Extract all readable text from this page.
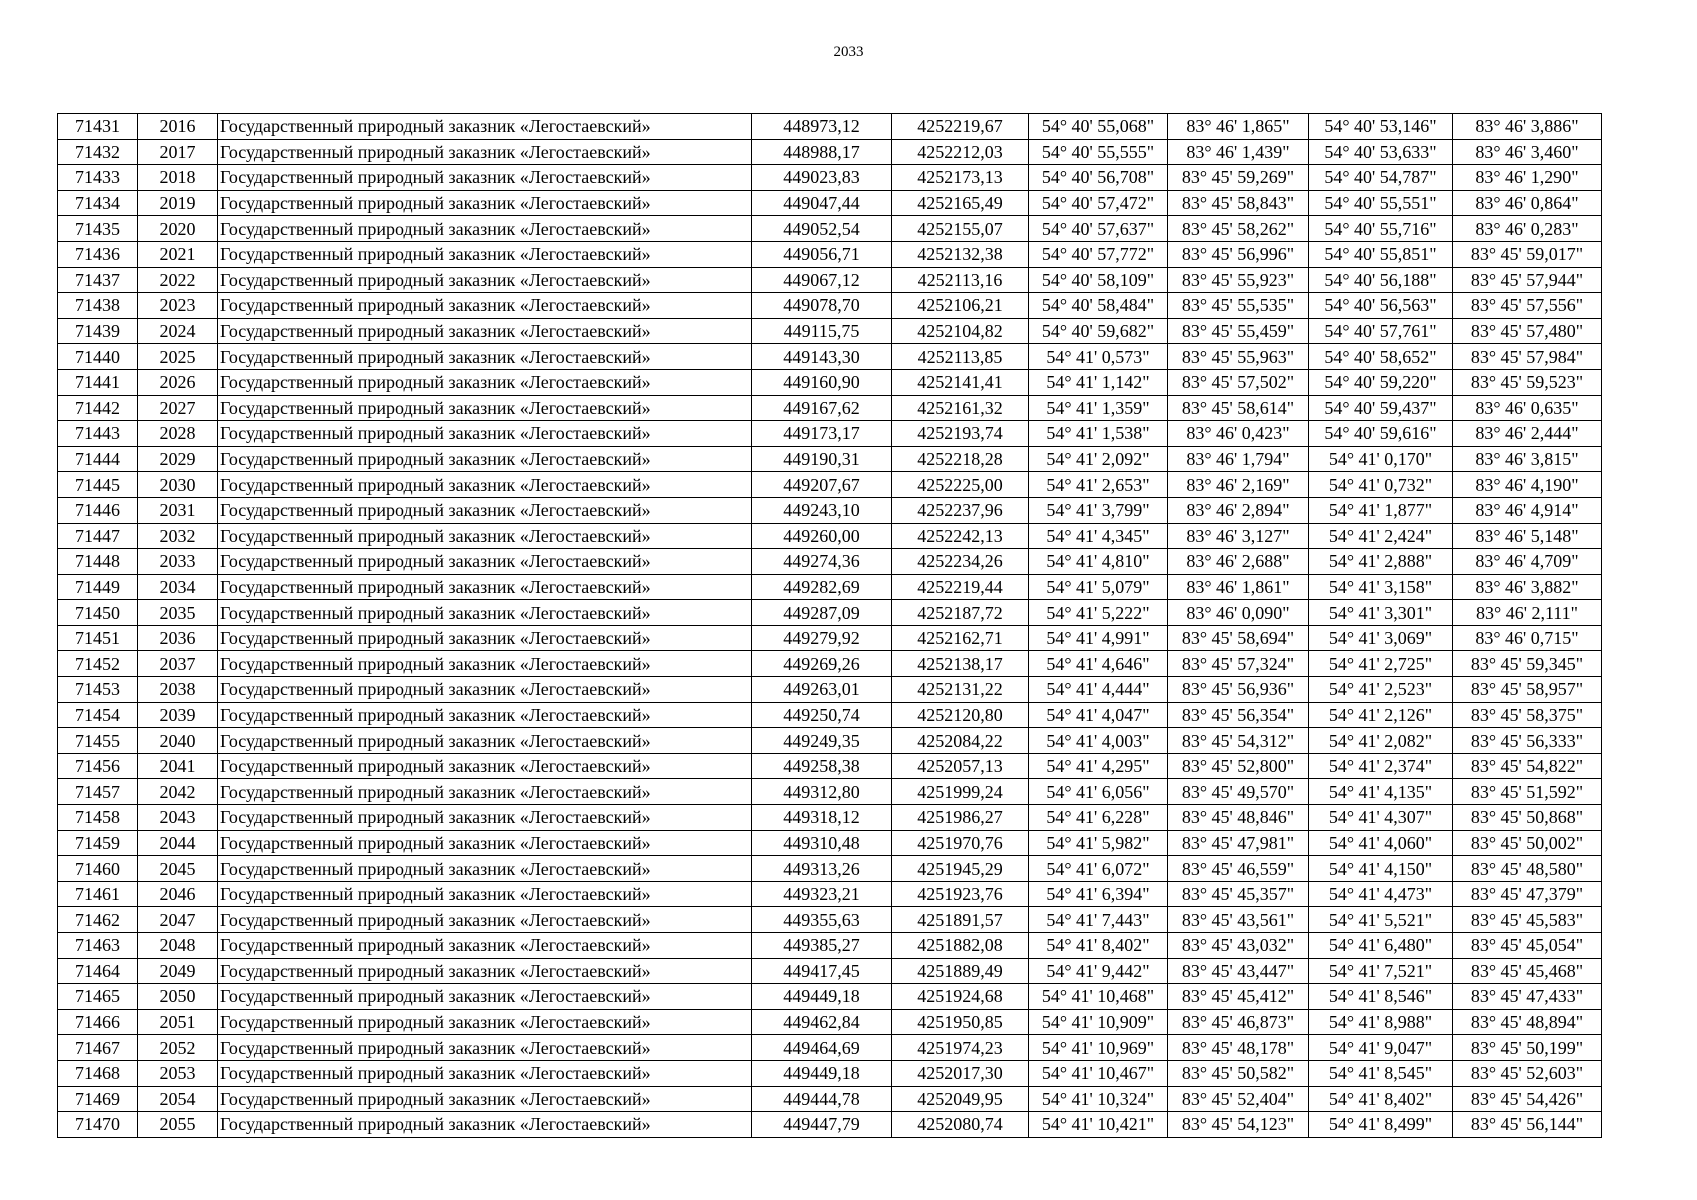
2033
71431	2016	Государственный природный заказник «Легостаевский»	448973,12	4252219,67	54° 40' 55,068"	83° 46' 1,865"	54° 40' 53,146"	83° 46' 3,886"
71432	2017	Государственный природный заказник «Легостаевский»	448988,17	4252212,03	54° 40' 55,555"	83° 46' 1,439"	54° 40' 53,633"	83° 46' 3,460"
71433	2018	Государственный природный заказник «Легостаевский»	449023,83	4252173,13	54° 40' 56,708"	83° 45' 59,269"	54° 40' 54,787"	83° 46' 1,290"
71434	2019	Государственный природный заказник «Легостаевский»	449047,44	4252165,49	54° 40' 57,472"	83° 45' 58,843"	54° 40' 55,551"	83° 46' 0,864"
71435	2020	Государственный природный заказник «Легостаевский»	449052,54	4252155,07	54° 40' 57,637"	83° 45' 58,262"	54° 40' 55,716"	83° 46' 0,283"
71436	2021	Государственный природный заказник «Легостаевский»	449056,71	4252132,38	54° 40' 57,772"	83° 45' 56,996"	54° 40' 55,851"	83° 45' 59,017"
71437	2022	Государственный природный заказник «Легостаевский»	449067,12	4252113,16	54° 40' 58,109"	83° 45' 55,923"	54° 40' 56,188"	83° 45' 57,944"
71438	2023	Государственный природный заказник «Легостаевский»	449078,70	4252106,21	54° 40' 58,484"	83° 45' 55,535"	54° 40' 56,563"	83° 45' 57,556"
71439	2024	Государственный природный заказник «Легостаевский»	449115,75	4252104,82	54° 40' 59,682"	83° 45' 55,459"	54° 40' 57,761"	83° 45' 57,480"
71440	2025	Государственный природный заказник «Легостаевский»	449143,30	4252113,85	54° 41' 0,573"	83° 45' 55,963"	54° 40' 58,652"	83° 45' 57,984"
71441	2026	Государственный природный заказник «Легостаевский»	449160,90	4252141,41	54° 41' 1,142"	83° 45' 57,502"	54° 40' 59,220"	83° 45' 59,523"
71442	2027	Государственный природный заказник «Легостаевский»	449167,62	4252161,32	54° 41' 1,359"	83° 45' 58,614"	54° 40' 59,437"	83° 46' 0,635"
71443	2028	Государственный природный заказник «Легостаевский»	449173,17	4252193,74	54° 41' 1,538"	83° 46' 0,423"	54° 40' 59,616"	83° 46' 2,444"
71444	2029	Государственный природный заказник «Легостаевский»	449190,31	4252218,28	54° 41' 2,092"	83° 46' 1,794"	54° 41' 0,170"	83° 46' 3,815"
71445	2030	Государственный природный заказник «Легостаевский»	449207,67	4252225,00	54° 41' 2,653"	83° 46' 2,169"	54° 41' 0,732"	83° 46' 4,190"
71446	2031	Государственный природный заказник «Легостаевский»	449243,10	4252237,96	54° 41' 3,799"	83° 46' 2,894"	54° 41' 1,877"	83° 46' 4,914"
71447	2032	Государственный природный заказник «Легостаевский»	449260,00	4252242,13	54° 41' 4,345"	83° 46' 3,127"	54° 41' 2,424"	83° 46' 5,148"
71448	2033	Государственный природный заказник «Легостаевский»	449274,36	4252234,26	54° 41' 4,810"	83° 46' 2,688"	54° 41' 2,888"	83° 46' 4,709"
71449	2034	Государственный природный заказник «Легостаевский»	449282,69	4252219,44	54° 41' 5,079"	83° 46' 1,861"	54° 41' 3,158"	83° 46' 3,882"
71450	2035	Государственный природный заказник «Легостаевский»	449287,09	4252187,72	54° 41' 5,222"	83° 46' 0,090"	54° 41' 3,301"	83° 46' 2,111"
71451	2036	Государственный природный заказник «Легостаевский»	449279,92	4252162,71	54° 41' 4,991"	83° 45' 58,694"	54° 41' 3,069"	83° 46' 0,715"
71452	2037	Государственный природный заказник «Легостаевский»	449269,26	4252138,17	54° 41' 4,646"	83° 45' 57,324"	54° 41' 2,725"	83° 45' 59,345"
71453	2038	Государственный природный заказник «Легостаевский»	449263,01	4252131,22	54° 41' 4,444"	83° 45' 56,936"	54° 41' 2,523"	83° 45' 58,957"
71454	2039	Государственный природный заказник «Легостаевский»	449250,74	4252120,80	54° 41' 4,047"	83° 45' 56,354"	54° 41' 2,126"	83° 45' 58,375"
71455	2040	Государственный природный заказник «Легостаевский»	449249,35	4252084,22	54° 41' 4,003"	83° 45' 54,312"	54° 41' 2,082"	83° 45' 56,333"
71456	2041	Государственный природный заказник «Легостаевский»	449258,38	4252057,13	54° 41' 4,295"	83° 45' 52,800"	54° 41' 2,374"	83° 45' 54,822"
71457	2042	Государственный природный заказник «Легостаевский»	449312,80	4251999,24	54° 41' 6,056"	83° 45' 49,570"	54° 41' 4,135"	83° 45' 51,592"
71458	2043	Государственный природный заказник «Легостаевский»	449318,12	4251986,27	54° 41' 6,228"	83° 45' 48,846"	54° 41' 4,307"	83° 45' 50,868"
71459	2044	Государственный природный заказник «Легостаевский»	449310,48	4251970,76	54° 41' 5,982"	83° 45' 47,981"	54° 41' 4,060"	83° 45' 50,002"
71460	2045	Государственный природный заказник «Легостаевский»	449313,26	4251945,29	54° 41' 6,072"	83° 45' 46,559"	54° 41' 4,150"	83° 45' 48,580"
71461	2046	Государственный природный заказник «Легостаевский»	449323,21	4251923,76	54° 41' 6,394"	83° 45' 45,357"	54° 41' 4,473"	83° 45' 47,379"
71462	2047	Государственный природный заказник «Легостаевский»	449355,63	4251891,57	54° 41' 7,443"	83° 45' 43,561"	54° 41' 5,521"	83° 45' 45,583"
71463	2048	Государственный природный заказник «Легостаевский»	449385,27	4251882,08	54° 41' 8,402"	83° 45' 43,032"	54° 41' 6,480"	83° 45' 45,054"
71464	2049	Государственный природный заказник «Легостаевский»	449417,45	4251889,49	54° 41' 9,442"	83° 45' 43,447"	54° 41' 7,521"	83° 45' 45,468"
71465	2050	Государственный природный заказник «Легостаевский»	449449,18	4251924,68	54° 41' 10,468"	83° 45' 45,412"	54° 41' 8,546"	83° 45' 47,433"
71466	2051	Государственный природный заказник «Легостаевский»	449462,84	4251950,85	54° 41' 10,909"	83° 45' 46,873"	54° 41' 8,988"	83° 45' 48,894"
71467	2052	Государственный природный заказник «Легостаевский»	449464,69	4251974,23	54° 41' 10,969"	83° 45' 48,178"	54° 41' 9,047"	83° 45' 50,199"
71468	2053	Государственный природный заказник «Легостаевский»	449449,18	4252017,30	54° 41' 10,467"	83° 45' 50,582"	54° 41' 8,545"	83° 45' 52,603"
71469	2054	Государственный природный заказник «Легостаевский»	449444,78	4252049,95	54° 41' 10,324"	83° 45' 52,404"	54° 41' 8,402"	83° 45' 54,426"
71470	2055	Государственный природный заказник «Легостаевский»	449447,79	4252080,74	54° 41' 10,421"	83° 45' 54,123"	54° 41' 8,499"	83° 45' 56,144"
